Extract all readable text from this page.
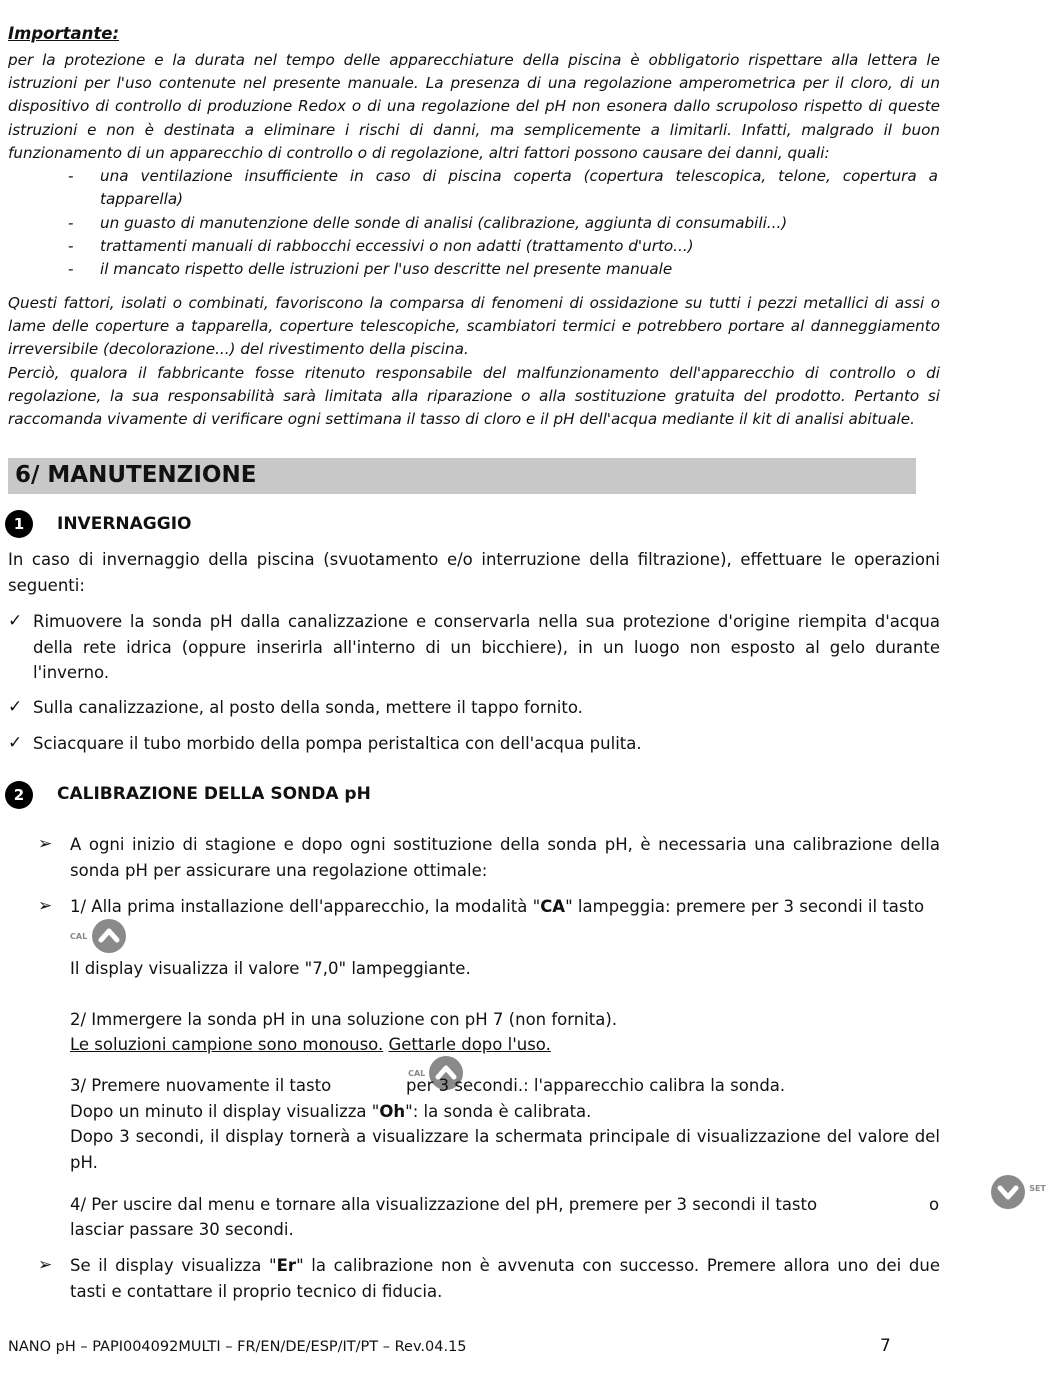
Importante:
per la protezione e la durata nel tempo delle apparecchiature della piscina è obbligatorio rispettare alla lettera le istruzioni per l'uso contenute nel presente manuale. La presenza di una regolazione amperometrica per il cloro, di un dispositivo di controllo di produzione Redox o di una regolazione del pH non esonera dallo scrupoloso rispetto di queste istruzioni e non è destinata a eliminare i rischi di danni, ma semplicemente a limitarli. Infatti, malgrado il buon funzionamento di un apparecchio di controllo o di regolazione, altri fattori possono causare dei danni, quali:
-	una ventilazione insufficiente in caso di piscina coperta (copertura telescopica, telone, copertura a tapparella)
-	un guasto di manutenzione delle sonde di analisi (calibrazione, aggiunta di consumabili...)
-	trattamenti manuali di rabbocchi eccessivi o non adatti (trattamento d'urto...)
-	il mancato rispetto delle istruzioni per l'uso descritte nel presente manuale
Questi fattori, isolati o combinati, favoriscono la comparsa di fenomeni di ossidazione su tutti i pezzi metallici di assi o lame delle coperture a tapparella, coperture telescopiche, scambiatori termici e potrebbero portare al danneggiamento irreversibile (decolorazione...) del rivestimento della piscina.
Perciò, qualora il fabbricante fosse ritenuto responsabile del malfunzionamento dell'apparecchio di controllo o di regolazione, la sua responsabilità sarà limitata alla riparazione o alla sostituzione gratuita del prodotto. Pertanto si raccomanda vivamente di verificare ogni settimana il tasso di cloro e il pH dell'acqua mediante il kit di analisi abituale.
6/ MANUTENZIONE
1	INVERNAGGIO
In caso di invernaggio della piscina (svuotamento e/o interruzione della filtrazione), effettuare le operazioni seguenti:
✓ Rimuovere la sonda pH dalla canalizzazione e conservarla nella sua protezione d'origine riempita d'acqua della rete idrica (oppure inserirla all'interno di un bicchiere), in un luogo non esposto al gelo durante l'inverno.
✓ Sulla canalizzazione, al posto della sonda, mettere il tappo fornito.
✓ Sciacquare il tubo morbido della pompa peristaltica con dell'acqua pulita.
2	CALIBRAZIONE DELLA SONDA pH
➢	A ogni inizio di stagione e dopo ogni sostituzione della sonda pH, è necessaria una calibrazione della sonda pH per assicurare una regolazione ottimale:
➢	1/ Alla prima installazione dell'apparecchio, la modalità "CA" lampeggia: premere per 3 secondi il tasto
CAL

Il display visualizza il valore "7,0" lampeggiante.
2/ Immergere la sonda pH in una soluzione con pH 7 (non fornita).
Le soluzioni campione sono monouso. Gettarle dopo l'uso.
3/ Premere nuovamente il tasto
CAL

per 3 secondi.: l'apparecchio calibra la sonda.
Dopo un minuto il display visualizza "Oh": la sonda è calibrata.
Dopo 3 secondi, il display tornerà a visualizzare la schermata principale di visualizzazione del valore del pH.
4/ Per uscire dal menu e tornare alla visualizzazione del pH, premere per 3 secondi il tasto
SET
o
lasciar passare 30 secondi.
➢	Se il display visualizza "Er" la calibrazione non è avvenuta con successo. Premere allora uno dei due tasti e contattare il proprio tecnico di fiducia.
NANO pH – PAPI004092MULTI – FR/EN/DE/ESP/IT/PT – Rev.04.15	7
